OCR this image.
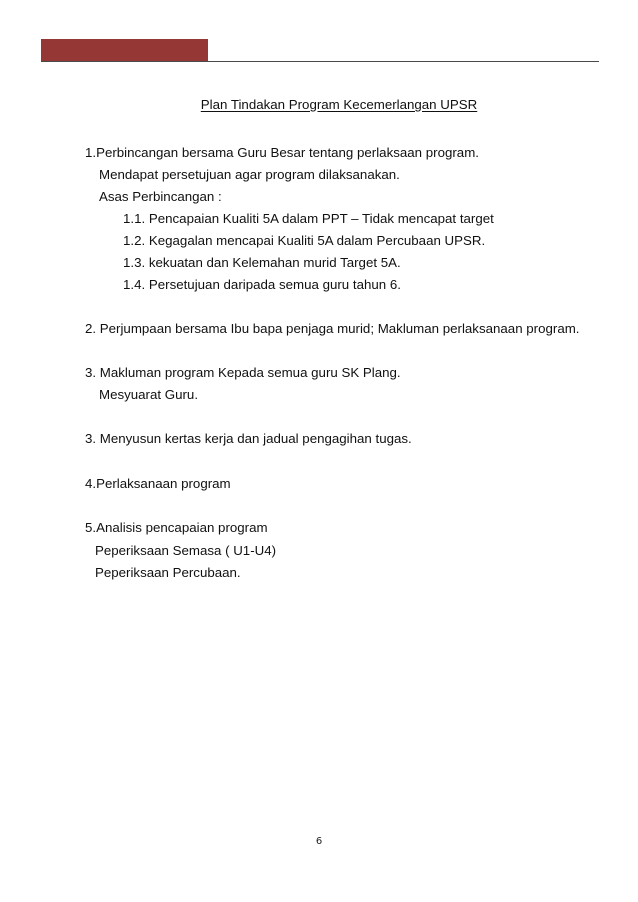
Plan Tindakan Program Kecemerlangan UPSR
1.Perbincangan bersama Guru Besar tentang perlaksaan program.
Mendapat persetujuan agar program dilaksanakan.
Asas Perbincangan :
1.1. Pencapaian Kualiti 5A dalam PPT – Tidak mencapat target
1.2. Kegagalan mencapai Kualiti 5A dalam Percubaan UPSR.
1.3. kekuatan dan Kelemahan murid Target 5A.
1.4. Persetujuan daripada semua guru tahun 6.
2. Perjumpaan bersama Ibu bapa penjaga murid; Makluman perlaksanaan program.
3. Makluman program Kepada semua guru SK Plang.
Mesyuarat Guru.
3. Menyusun kertas kerja dan jadual pengagihan tugas.
4.Perlaksanaan program
5.Analisis pencapaian program
Peperiksaan Semasa ( U1-U4)
Peperiksaan Percubaan.
6
